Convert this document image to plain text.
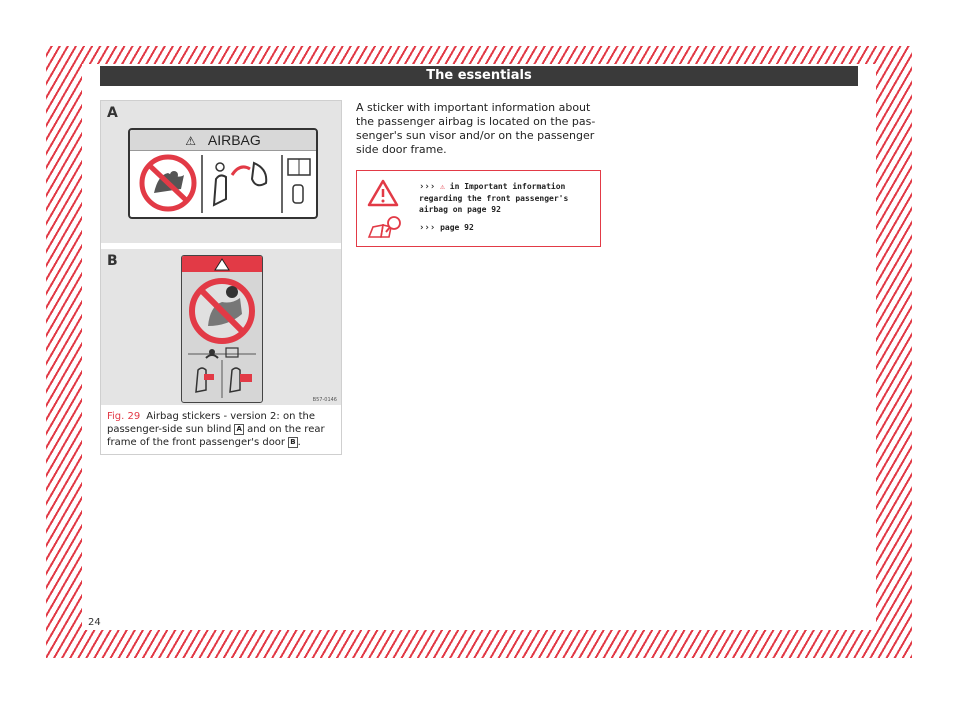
The essentials
A
⚠ AIRBAG
B
B57-0146
Fig. 29 Airbag stickers - version 2: on the passenger-side sun blind A and on the rear frame of the front passenger's door B .

A sticker with important information about the passenger airbag is located on the pas-senger's sun visor and/or on the passenger side door frame.

››› ⚠ in Important information regarding the front passenger's airbag on page 92
››› page 92
24
